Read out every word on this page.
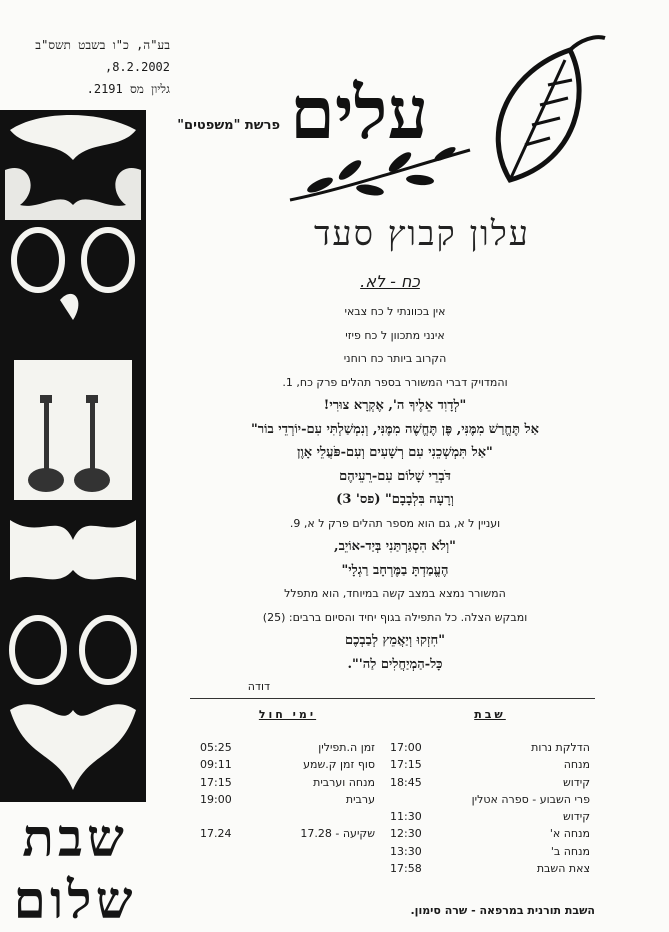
בע"ה, כ"ו בשבט תשס"ב
,8.2.2002
גליון מס 2191.
פרשת "משפטים"
שבת
שלום
עלים
עלון קבוץ סעד
כח - לא.

אין בכוונתי ל כח צבאי

אינני מתכוון ל כח פיזי

הקרוב ביותר כח רוחני

והמדויק דברי המשורר בספר תהלים פרק כח, 1.

"לְדָוִד אֵלֶיךָ ה', אֶקְרָא צוּרִי!

אַל תֶּחֱרַשׁ מִמֶּנִּי, פֶּן תֶּחֱשֶׁה מִמֶּנִּי, וְנִמְשַׁלְתִּי עִם-יוֹרְדֵי בוֹר"

"אַל תִּמְשְׁכֵנִי עִם רְשָׁעִים וְעִם-פֹּעֲלֵי אָוֶן

דֹּבְרֵי שָׁלוֹם עִם-רֵעֵיהֶם

וְרָעָה בִּלְבָבָם" (פס' 3)

ועניין ל א, גם הוא מספר תהלים פרק ל א, 9.

"וְלֹא הִסְגַּרְתַּנִי בְּיַד-אוֹיֵב,

הֶעֱמַדְתָּ בַמֶּרְחָב רַגְלָי"

המשורר נמצא במצב קשה במיוחד, הוא מתפלל

ומבקש הצלה. כל התפילה בגוף יחיד והסיום ברבים: (25)

"חִזְקוּ וְיַאֲמֵץ לְבַבְכֶם

כָּל-הַמְיַחֲלִים לַה'".

דודה
שבת
הדלקת נרות
17:00
מנחה
17:15
קידוש
18:45
פרי השבוע - ספרה אטלין
קידוש
11:30
מנחה א'
12:30
מנחה ב'
13:30
צאת השבת
17:58
ימי חול
זמן ה.תפילין
05:25
סוף זמן ק.שמע
09:11
מנחה וערבית
17:15
ערבית
19:00
שקיעה - 17.28
17.24
השבת תורנית במרפאה - שרה סימון.
